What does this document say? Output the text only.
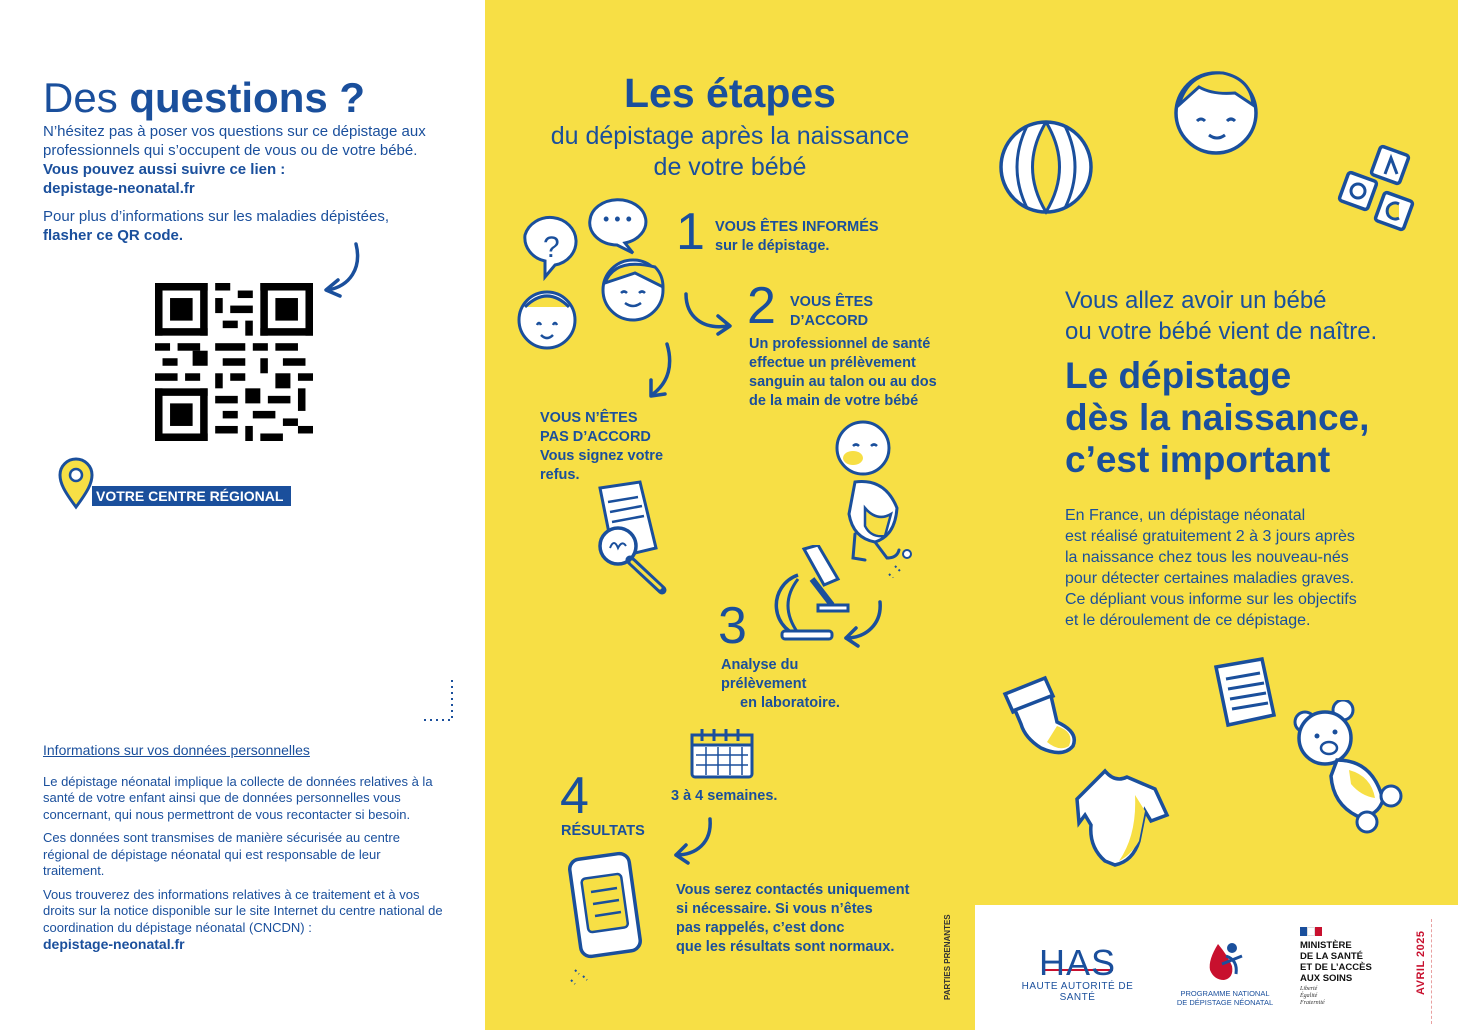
Des questions ?
N’hésitez pas à poser vos questions sur ce dépistage aux professionnels qui s’occupent de vous ou de votre bébé. Vous pouvez aussi suivre ce lien :
depistage-neonatal.fr
Pour plus d’informations sur les maladies dépistées,
flasher ce QR code.
VOTRE CENTRE RÉGIONAL
Informations sur vos données personnelles
Le dépistage néonatal implique la collecte de données relatives à la santé de votre enfant ainsi que de données personnelles vous concernant, qui nous permettront de vous recontacter si besoin.
Ces données sont transmises de manière sécurisée au centre régional de dépistage néonatal qui est responsable de leur traitement.
Vous trouverez des informations relatives à ce traitement et à vos droits sur la notice disponible sur le site Internet du centre national de coordination du dépistage néonatal (CNCDN) :
depistage-neonatal.fr
Les étapes
du dépistage après la naissance
de votre bébé
?
• • • 1 VOUS ÊTES INFORMÉS
sur le dépistage.
2 VOUS ÊTES
D’ACCORD
Un professionnel de santé
effectue un prélèvement
sanguin au talon ou au dos
de la main de votre bébé
VOUS N’ÊTES
PAS D’ACCORD
Vous signez votre
refus.
3
Analyse du
prélèvement
en laboratoire.
3 à 4 semaines.
4
RÉSULTATS
Vous serez contactés uniquement
si nécessaire. Si vous n’êtes
pas rappelés, c’est donc
que les résultats sont normaux.	PARTIES PRENANTES
Vous allez avoir un bébé
ou votre bébé vient de naître.
Le dépistage
dès la naissance,
c’est important
En France, un dépistage néonatal
est réalisé gratuitement 2 à 3 jours après
la naissance chez tous les nouveau-nés
pour détecter certaines maladies graves.
Ce dépliant vous informe sur les objectifs
et le déroulement de ce dépistage.
HAS
HAUTE AUTORITÉ DE SANTÉ	PROGRAMME NATIONAL
DE DÉPISTAGE NÉONATAL
MINISTÈRE
DE LA SANTÉ
ET DE L’ACCÈS
AUX SOINS
Liberté
Égalité
Fraternité
AVRIL 2025
